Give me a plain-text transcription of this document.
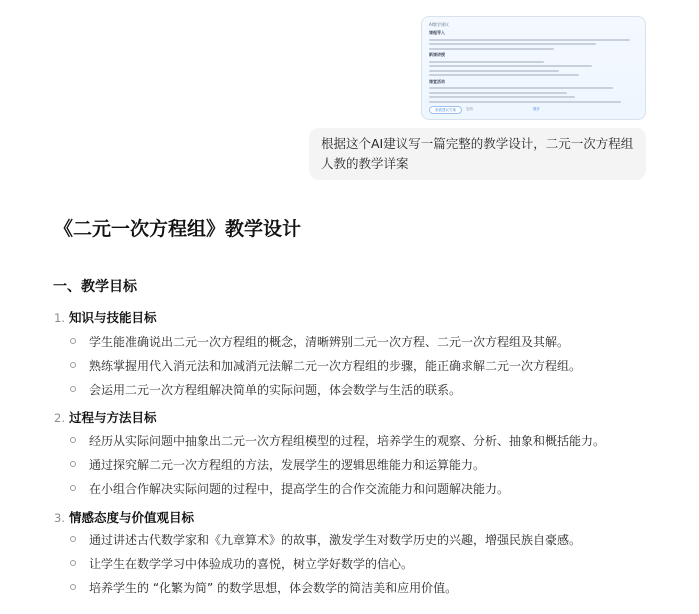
AI教学建议
课程导入
新课讲授
课堂活动
查看建议方案	复制	展开
根据这个AI建议写一篇完整的教学设计，二元一次方程组人教的教学详案
《二元一次方程组》教学设计
一、教学目标
1. 知识与技能目标
学生能准确说出二元一次方程组的概念，清晰辨别二元一次方程、二元一次方程组及其解。
熟练掌握用代入消元法和加减消元法解二元一次方程组的步骤，能正确求解二元一次方程组。
会运用二元一次方程组解决简单的实际问题，体会数学与生活的联系。
2. 过程与方法目标
经历从实际问题中抽象出二元一次方程组模型的过程，培养学生的观察、分析、抽象和概括能力。
通过探究解二元一次方程组的方法，发展学生的逻辑思维能力和运算能力。
在小组合作解决实际问题的过程中，提高学生的合作交流能力和问题解决能力。
3. 情感态度与价值观目标
通过讲述古代数学家和《九章算术》的故事，激发学生对数学历史的兴趣，增强民族自豪感。
让学生在数学学习中体验成功的喜悦，树立学好数学的信心。
培养学生的 “化繁为简” 的数学思想，体会数学的简洁美和应用价值。
